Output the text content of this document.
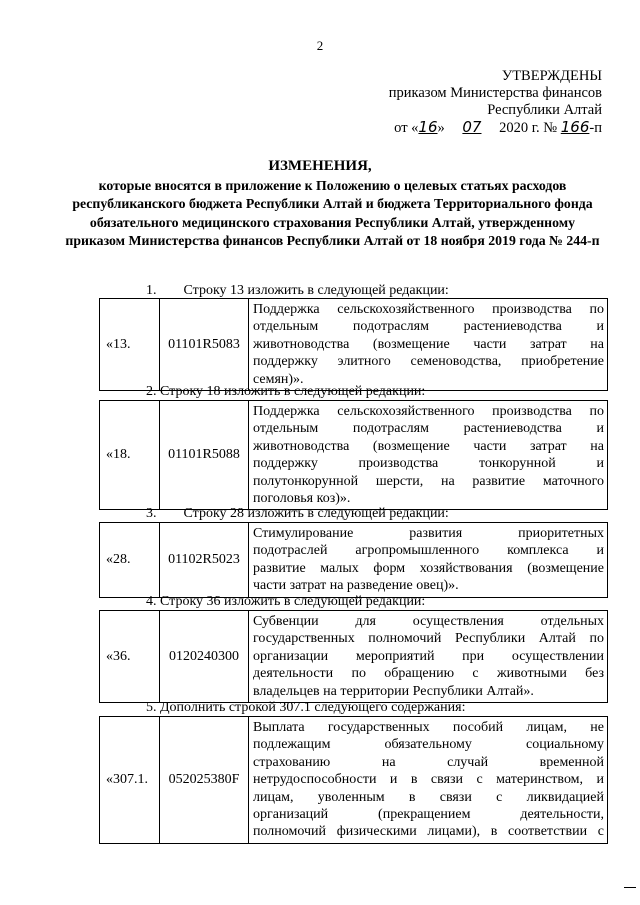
2
УТВЕРЖДЕНЫ
приказом Министерства финансов
Республики Алтай
от «16» 07 2020 г. № 166-п
ИЗМЕНЕНИЯ,
которые вносятся в приложение к Положению о целевых статьях расходов республиканского бюджета Республики Алтай и бюджета Территориального фонда обязательного медицинского страхования Республики Алтай, утвержденному приказом Министерства финансов Республики Алтай от 18 ноября 2019 года № 244-п
1. Строку 13 изложить в следующей редакции:
«13.	01101R5083	
Поддержка сельскохозяйственного производства по
отдельным подотраслям растениеводства и
животноводства (возмещение части затрат на
поддержку элитного семеноводства, приобретение
семян)».
2. Строку 18 изложить в следующей редакции:
«18.	01101R5088	
Поддержка сельскохозяйственного производства по
отдельным подотраслям растениеводства и
животноводства (возмещение части затрат на
поддержку производства тонкорунной и
полутонкорунной шерсти, на развитие маточного
поголовья коз)».
3. Строку 28 изложить в следующей редакции:
«28.	01102R5023	
Стимулирование развития приоритетных
подотраслей агропромышленного комплекса и
развитие малых форм хозяйствования (возмещение
части затрат на разведение овец)».
4. Строку 36 изложить в следующей редакции:
«36.	0120240300	
Субвенции для осуществления отдельных
государственных полномочий Республики Алтай по
организации мероприятий при осуществлении
деятельности по обращению с животными без
владельцев на территории Республики Алтай».
5. Дополнить строкой 307.1 следующего содержания:
«307.1.	052025380F	
Выплата государственных пособий лицам, не
подлежащим обязательному социальному
страхованию на случай временной
нетрудоспособности и в связи с материнством, и
лицам, уволенным в связи с ликвидацией
организаций (прекращением деятельности,
полномочий физическими лицами), в соответствии с
